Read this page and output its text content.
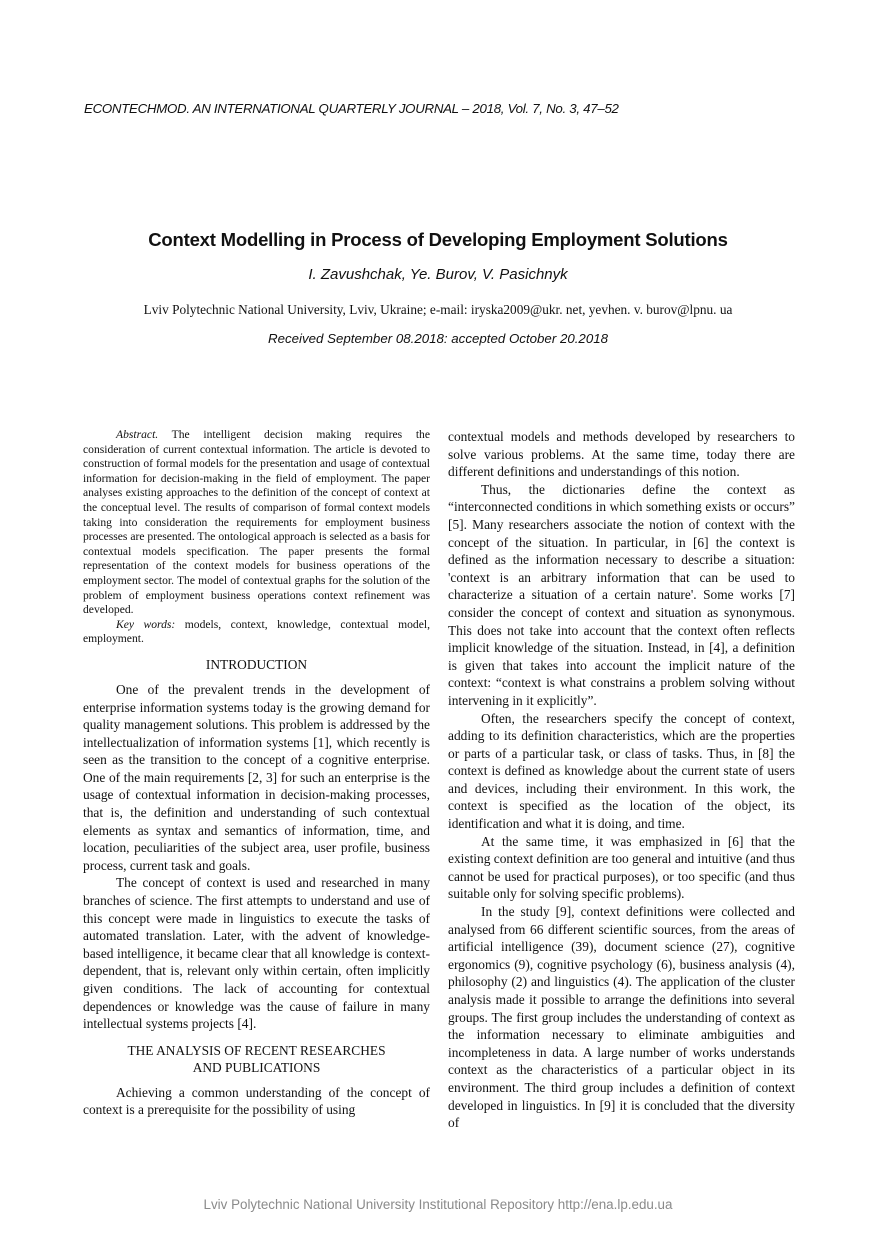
ECONTECHMOD. AN INTERNATIONAL QUARTERLY JOURNAL – 2018, Vol. 7, No. 3, 47–52
Context Modelling in Process of Developing Employment Solutions
I. Zavushchak, Ye. Burov, V. Pasichnyk
Lviv Polytechnic National University, Lviv, Ukraine; e-mail: iryska2009@ukr. net, yevhen. v. burov@lpnu. ua
Received September 08.2018: accepted October 20.2018

Abstract. The intelligent decision making requires the consideration of current contextual information. The article is devoted to construction of formal models for the presentation and usage of contextual information for decision-making in the field of employment. The paper analyses existing approaches to the definition of the concept of context at the conceptual level. The results of comparison of formal context models taking into consideration the requirements for employment business processes are presented. The ontological approach is selected as a basis for contextual models specification. The paper presents the formal representation of the context models for business operations of the employment sector. The model of contextual graphs for the solution of the problem of employment business operations context refinement was developed.

Key words: models, context, knowledge, contextual model, employment.

INTRODUCTION

One of the prevalent trends in the development of enterprise information systems today is the growing demand for quality management solutions. This problem is addressed by the intellectualization of information systems [1], which recently is seen as the transition to the concept of a cognitive enterprise. One of the main requirements [2, 3] for such an enterprise is the usage of contextual information in decision-making processes, that is, the definition and understanding of such contextual elements as syntax and semantics of information, time, and location, peculiarities of the subject area, user profile, business process, current task and goals.

The concept of context is used and researched in many branches of science. The first attempts to understand and use of this concept were made in linguistics to execute the tasks of automated translation. Later, with the advent of knowledge-based intelligence, it became clear that all knowledge is context-dependent, that is, relevant only within certain, often implicitly given conditions. The lack of accounting for contextual dependences or knowledge was the cause of failure in many intellectual systems projects [4].

THE ANALYSIS OF RECENT RESEARCHES
AND PUBLICATIONS

Achieving a common understanding of the concept of context is a prerequisite for the possibility of using

contextual models and methods developed by researchers to solve various problems. At the same time, today there are different definitions and understandings of this notion.

Thus, the dictionaries define the context as “interconnected conditions in which something exists or occurs” [5]. Many researchers associate the notion of context with the concept of the situation. In particular, in [6] the context is defined as the information necessary to describe a situation: 'context is an arbitrary information that can be used to characterize a situation of a certain nature'. Some works [7] consider the concept of context and situation as synonymous. This does not take into account that the context often reflects implicit knowledge of the situation. Instead, in [4], a definition is given that takes into account the implicit nature of the context: “context is what constrains a problem solving without intervening in it explicitly”.

Often, the researchers specify the concept of context, adding to its definition characteristics, which are the properties or parts of a particular task, or class of tasks. Thus, in [8] the context is defined as knowledge about the current state of users and devices, including their environment. In this work, the context is specified as the location of the object, its identification and what it is doing, and time.

At the same time, it was emphasized in [6] that the existing context definition are too general and intuitive (and thus cannot be used for practical purposes), or too specific (and thus suitable only for solving specific problems).

In the study [9], context definitions were collected and analysed from 66 different scientific sources, from the areas of artificial intelligence (39), document science (27), cognitive ergonomics (9), cognitive psychology (6), business analysis (4), philosophy (2) and linguistics (4). The application of the cluster analysis made it possible to arrange the definitions into several groups. The first group includes the understanding of context as the information necessary to eliminate ambiguities and incompleteness in data. A large number of works understands context as the characteristics of a particular object in its environment. The third group includes a definition of context developed in linguistics. In [9] it is concluded that the diversity of

Lviv Polytechnic National University Institutional Repository http://ena.lp.edu.ua
